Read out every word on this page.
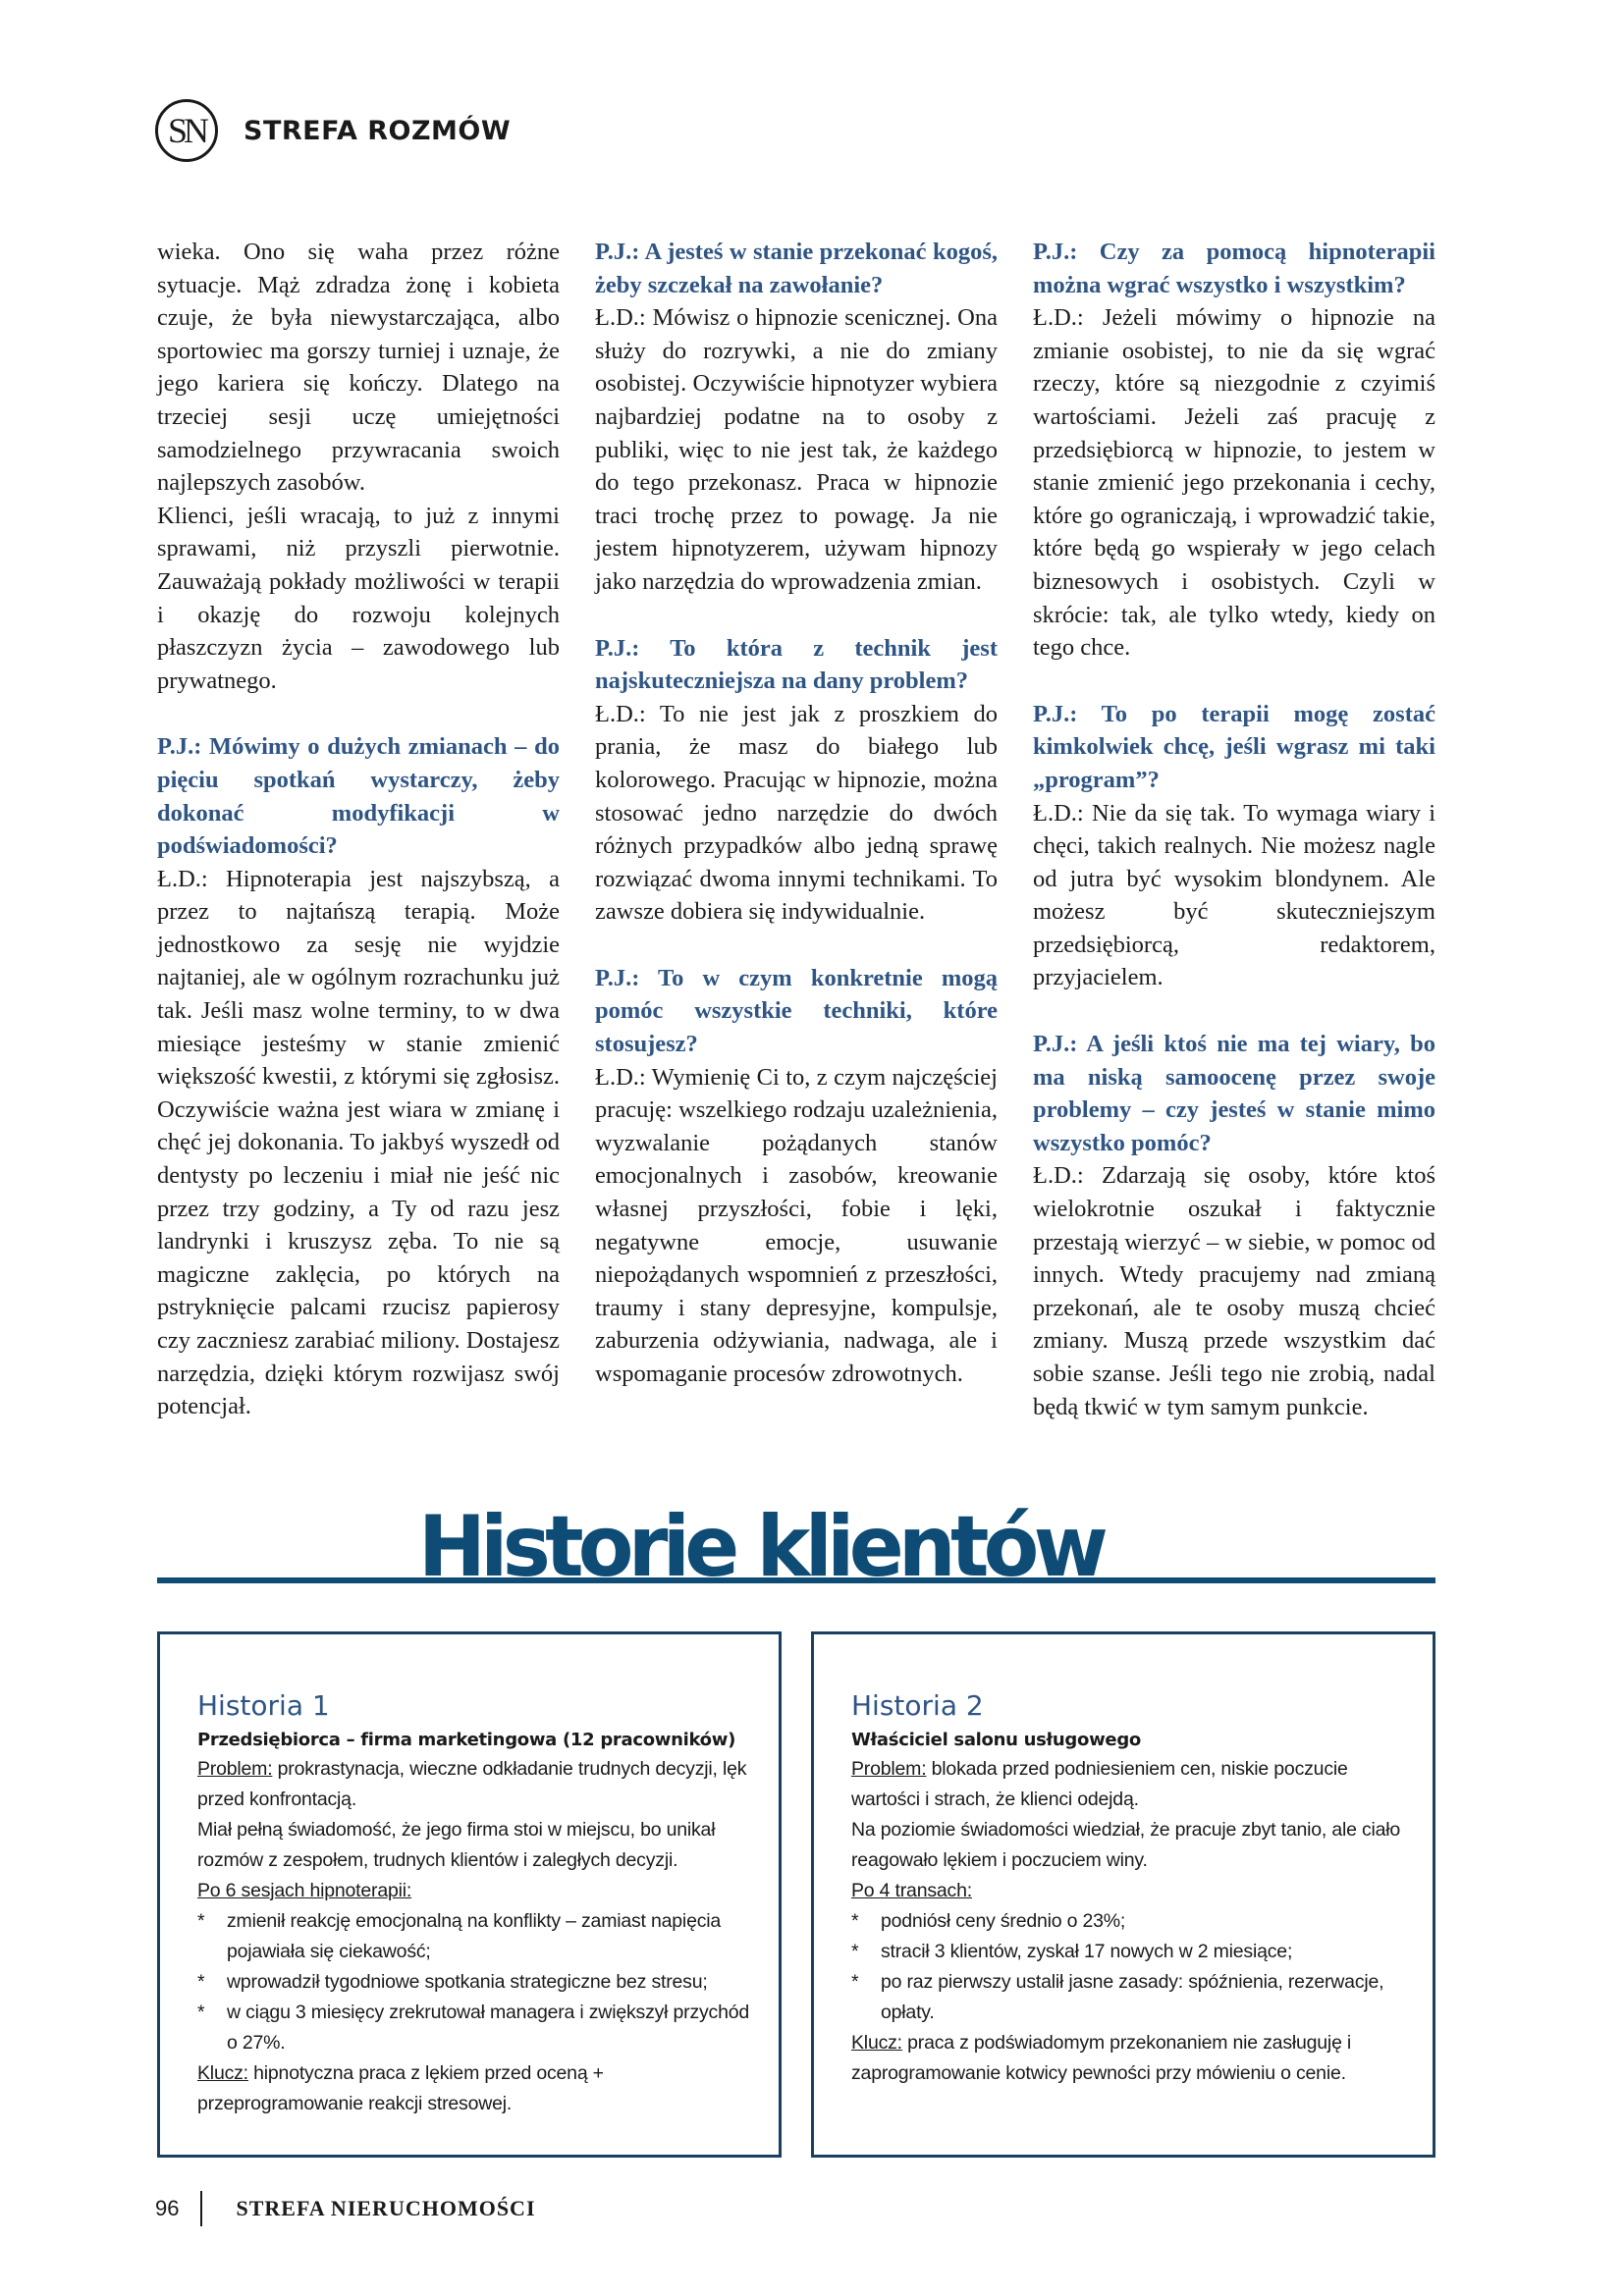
SN STREFA ROZMÓW

wieka. Ono się waha przez różne sytuacje. Mąż zdradza żonę i kobieta czuje, że była niewystarczająca, albo sportowiec ma gorszy turniej i uznaje, że jego kariera się kończy. Dlatego na trzeciej sesji uczę umiejętności samodzielnego przywracania swoich najlepszych zasobów.

Klienci, jeśli wracają, to już z innymi sprawami, niż przyszli pierwotnie. Zauważają pokłady możliwości w terapii i okazję do rozwoju kolejnych płaszczyzn życia – zawodowego lub prywatnego.

P.J.: Mówimy o dużych zmianach – do pięciu spotkań wystarczy, żeby dokonać modyfikacji w podświadomości?

Ł.D.: Hipnoterapia jest najszybszą, a przez to najtańszą terapią. Może jednostkowo za sesję nie wyjdzie najtaniej, ale w ogólnym rozrachunku już tak. Jeśli masz wolne terminy, to w dwa miesiące jesteśmy w stanie zmienić większość kwestii, z którymi się zgłosisz. Oczywiście ważna jest wiara w zmianę i chęć jej dokonania. To jakbyś wyszedł od dentysty po leczeniu i miał nie jeść nic przez trzy godziny, a Ty od razu jesz landrynki i kruszysz zęba. To nie są magiczne zaklęcia, po których na pstryknięcie palcami rzucisz papierosy czy zaczniesz zarabiać miliony. Dostajesz narzędzia, dzięki którym rozwijasz swój potencjał.

P.J.: A jesteś w stanie przekonać kogoś, żeby szczekał na zawołanie?

Ł.D.: Mówisz o hipnozie scenicznej. Ona służy do rozrywki, a nie do zmiany osobistej. Oczywiście hipnotyzer wybiera najbardziej podatne na to osoby z publiki, więc to nie jest tak, że każdego do tego przekonasz. Praca w hipnozie traci trochę przez to powagę. Ja nie jestem hipnotyzerem, używam hipnozy jako narzędzia do wprowadzenia zmian.

P.J.: To która z technik jest najskuteczniejsza na dany problem?

Ł.D.: To nie jest jak z proszkiem do prania, że masz do białego lub kolorowego. Pracując w hipnozie, można stosować jedno narzędzie do dwóch różnych przypadków albo jedną sprawę rozwiązać dwoma innymi technikami. To zawsze dobiera się indywidualnie.

P.J.: To w czym konkretnie mogą pomóc wszystkie techniki, które stosujesz?

Ł.D.: Wymienię Ci to, z czym najczęściej pracuję: wszelkiego rodzaju uzależnienia, wyzwalanie pożądanych stanów emocjonalnych i zasobów, kreowanie własnej przyszłości, fobie i lęki, negatywne emocje, usuwanie niepożądanych wspomnień z przeszłości, traumy i stany depresyjne, kompulsje, zaburzenia odżywiania, nadwaga, ale i wspomaganie procesów zdrowotnych.

P.J.: Czy za pomocą hipnoterapii można wgrać wszystko i wszystkim?

Ł.D.: Jeżeli mówimy o hipnozie na zmianie osobistej, to nie da się wgrać rzeczy, które są niezgodnie z czyimiś wartościami. Jeżeli zaś pracuję z przedsiębiorcą w hipnozie, to jestem w stanie zmienić jego przekonania i cechy, które go ograniczają, i wprowadzić takie, które będą go wspierały w jego celach biznesowych i osobistych. Czyli w skrócie: tak, ale tylko wtedy, kiedy on tego chce.

P.J.: To po terapii mogę zostać kimkolwiek chcę, jeśli wgrasz mi taki „program”?

Ł.D.: Nie da się tak. To wymaga wiary i chęci, takich realnych. Nie możesz nagle od jutra być wysokim blondynem. Ale możesz być skuteczniejszym przedsiębiorcą, redaktorem, przyjacielem.

P.J.: A jeśli ktoś nie ma tej wiary, bo ma niską samoocenę przez swoje problemy – czy jesteś w stanie mimo wszystko pomóc?

Ł.D.: Zdarzają się osoby, które ktoś wielokrotnie oszukał i faktycznie przestają wierzyć – w siebie, w pomoc od innych. Wtedy pracujemy nad zmianą przekonań, ale te osoby muszą chcieć zmiany. Muszą przede wszystkim dać sobie szanse. Jeśli tego nie zrobią, nadal będą tkwić w tym samym punkcie.

Historie klientów

Historia 1

Przedsiębiorca – firma marketingowa (12 pracowników)

Problem: prokrastynacja, wieczne odkładanie trudnych decyzji, lęk przed konfrontacją.

Miał pełną świadomość, że jego firma stoi w miejscu, bo unikał rozmów z zespołem, trudnych klientów i zaległych decyzji.

Po 6 sesjach hipnoterapii:

* zmienił reakcję emocjonalną na konflikty – zamiast napięcia pojawiała się ciekawość;
* wprowadził tygodniowe spotkania strategiczne bez stresu;
* w ciągu 3 miesięcy zrekrutował managera i zwiększył przychód o 27%.

Klucz: hipnotyczna praca z lękiem przed oceną + przeprogramowanie reakcji stresowej.

Historia 2

Właściciel salonu usługowego

Problem: blokada przed podniesieniem cen, niskie poczucie wartości i strach, że klienci odejdą.

Na poziomie świadomości wiedział, że pracuje zbyt tanio, ale ciało reagowało lękiem i poczuciem winy.

Po 4 transach:

* podniósł ceny średnio o 23%;
* stracił 3 klientów, zyskał 17 nowych w 2 miesiące;
* po raz pierwszy ustalił jasne zasady: spóźnienia, rezerwacje, opłaty.

Klucz: praca z podświadomym przekonaniem nie zasługuję i zaprogramowanie kotwicy pewności przy mówieniu o cenie.

96	STREFA NIERUCHOMOŚCI
